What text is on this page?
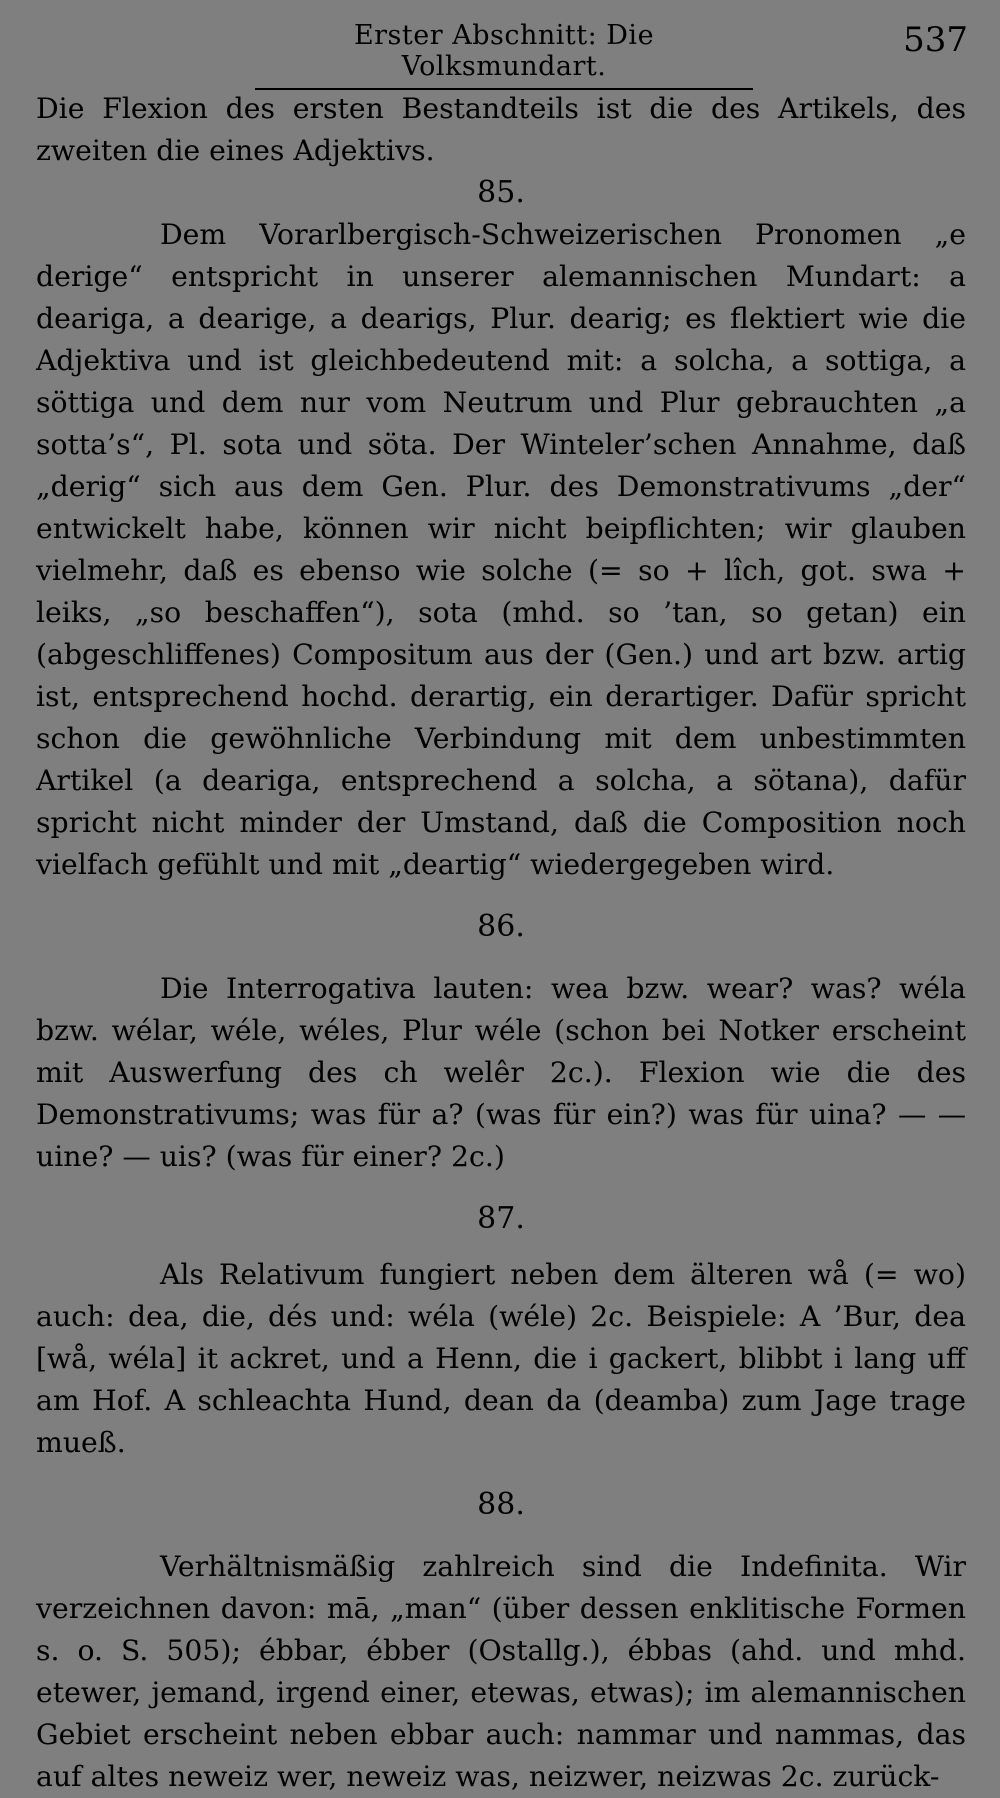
Erster Abschnitt: Die Volksmundart.
537

Die Flexion des ersten Bestandteils ist die des Artikels, des zweiten die eines Adjektivs.

85.

Dem Vorarlbergisch-Schweizerischen Pronomen „e derige“ entspricht in unserer alemannischen Mundart: a deariga, a dearige, a dearigs, Plur. dearig; es flektiert wie die Adjektiva und ist gleichbedeutend mit: a solcha, a sottiga, a söttiga und dem nur vom Neutrum und Plur gebrauchten „a sotta’s“, Pl. sota und söta. Der Winteler’schen Annahme, daß „derig“ sich aus dem Gen. Plur. des Demonstrativums „der“ entwickelt habe, können wir nicht beipflichten; wir glauben vielmehr, daß es ebenso wie solche (= so + lîch, got. swa + leiks, „so beschaffen“), sota (mhd. so ’tan, so getan) ein (abgeschliffenes) Compositum aus der (Gen.) und art bzw. artig ist, entsprechend hochd. derartig, ein derartiger. Dafür spricht schon die gewöhnliche Verbindung mit dem unbestimmten Artikel (a deariga, entsprechend a solcha, a sötana), dafür spricht nicht minder der Umstand, daß die Composition noch vielfach gefühlt und mit „deartig“ wiedergegeben wird.

86.

Die Interrogativa lauten: wea bzw. wear? was? wéla bzw. wélar, wéle, wéles, Plur wéle (schon bei Notker erscheint mit Auswerfung des ch welêr 2c.). Flexion wie die des Demonstrativums; was für a? (was für ein?) was für uina? — — uine? — uis? (was für einer? 2c.)

87.

Als Relativum fungiert neben dem älteren wå (= wo) auch: dea, die, dés und: wéla (wéle) 2c. Beispiele: A ’Bur, dea [wå, wéla] it ackret, und a Henn, die i gackert, blibbt i lang uff am Hof. A schleachta Hund, dean da (deamba) zum Jage trage mueß.

88.

Verhältnismäßig zahlreich sind die Indefinita. Wir verzeichnen davon: mā, „man“ (über dessen enklitische Formen s. o. S. 505); ébbar, ébber (Ostallg.), ébbas (ahd. und mhd. etewer, jemand, irgend einer, etewas, etwas); im alemannischen Gebiet erscheint neben ebbar auch: nammar und nammas, das auf altes neweiz wer, neweiz was, neizwer, neizwas 2c. zurück-
